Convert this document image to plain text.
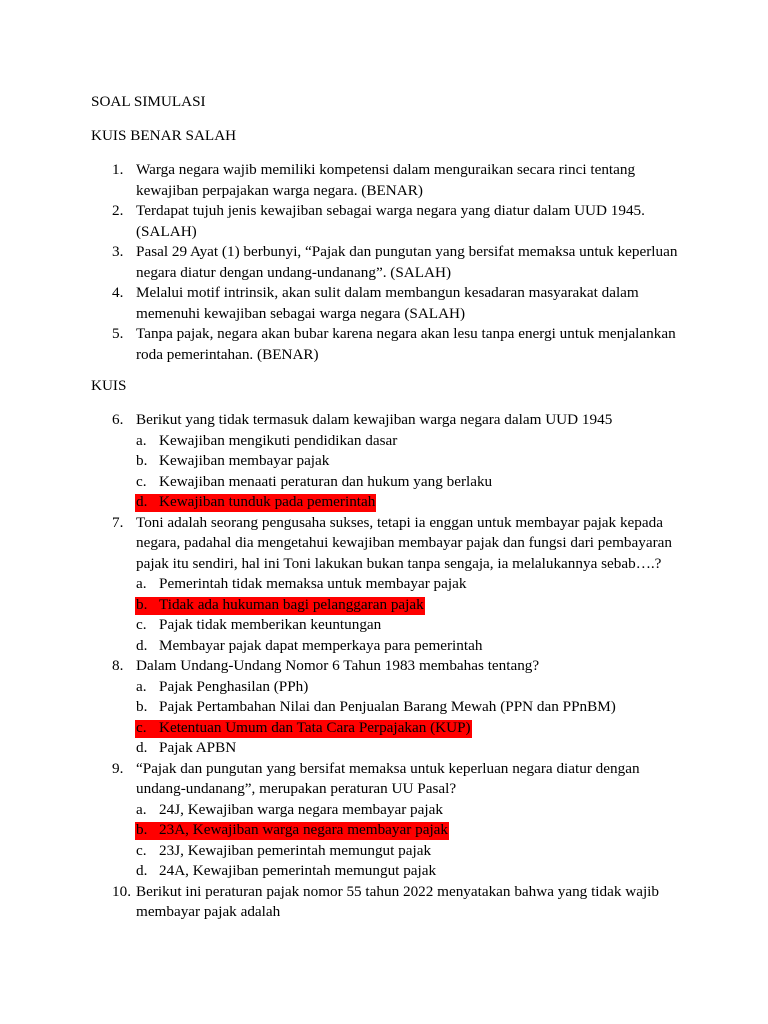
SOAL SIMULASI
KUIS BENAR SALAH
1. Warga negara wajib memiliki kompetensi dalam menguraikan secara rinci tentang
kewajiban perpajakan warga negara. (BENAR)
2. Terdapat tujuh jenis kewajiban sebagai warga negara yang diatur dalam UUD 1945.
(SALAH)
3. Pasal 29 Ayat (1) berbunyi, “Pajak dan pungutan yang bersifat memaksa untuk keperluan
negara diatur dengan undang-undanang”. (SALAH)
4. Melalui motif intrinsik, akan sulit dalam membangun kesadaran masyarakat dalam
memenuhi kewajiban sebagai warga negara (SALAH)
5. Tanpa pajak, negara akan bubar karena negara akan lesu tanpa energi untuk menjalankan
roda pemerintahan. (BENAR)
KUIS
6. Berikut yang tidak termasuk dalam kewajiban warga negara dalam UUD 1945
a. Kewajiban mengikuti pendidikan dasar
b. Kewajiban membayar pajak
c. Kewajiban menaati peraturan dan hukum yang berlaku
d. Kewajiban tunduk pada pemerintah
7. Toni adalah seorang pengusaha sukses, tetapi ia enggan untuk membayar pajak kepada
negara, padahal dia mengetahui kewajiban membayar pajak dan fungsi dari pembayaran
pajak itu sendiri, hal ini Toni lakukan bukan tanpa sengaja, ia melalukannya sebab….?
a. Pemerintah tidak memaksa untuk membayar pajak
b. Tidak ada hukuman bagi pelanggaran pajak
c. Pajak tidak memberikan keuntungan
d. Membayar pajak dapat memperkaya para pemerintah
8. Dalam Undang-Undang Nomor 6 Tahun 1983 membahas tentang?
a. Pajak Penghasilan (PPh)
b. Pajak Pertambahan Nilai dan Penjualan Barang Mewah (PPN dan PPnBM)
c. Ketentuan Umum dan Tata Cara Perpajakan (KUP)
d. Pajak APBN
9. “Pajak dan pungutan yang bersifat memaksa untuk keperluan negara diatur dengan
undang-undanang”, merupakan peraturan UU Pasal?
a. 24J, Kewajiban warga negara membayar pajak
b. 23A, Kewajiban warga negara membayar pajak
c. 23J, Kewajiban pemerintah memungut pajak
d. 24A, Kewajiban pemerintah memungut pajak
10. Berikut ini peraturan pajak nomor 55 tahun 2022 menyatakan bahwa yang tidak wajib
membayar pajak adalah
